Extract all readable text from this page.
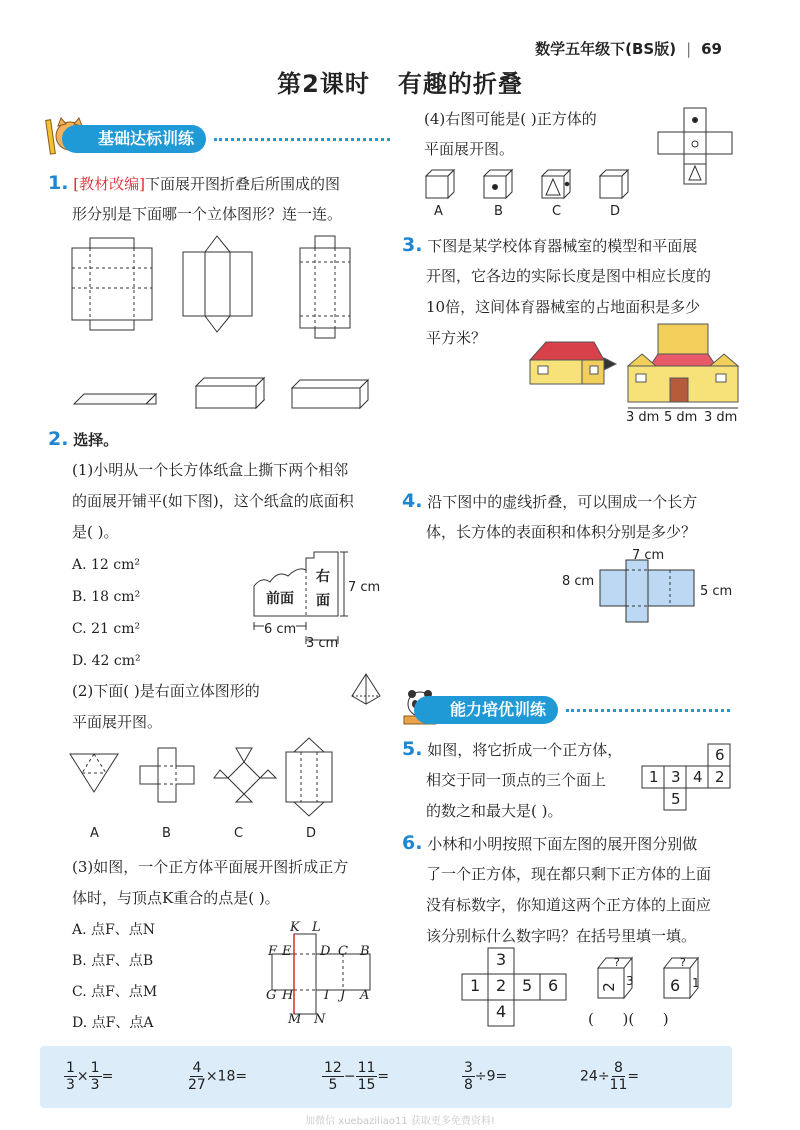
数学五年级下(BS版) | 69
第2课时 有趣的折叠
基础达标训练
1. [教材改编]下面展开图折叠后所围成的图
形分别是下面哪一个立体图形？连一连。
2. 选择。
(1)小明从一个长方体纸盒上撕下两个相邻
的面展开铺平(如下图)，这个纸盒的底面积
是( )。
A. 12 cm²
B. 18 cm²
C. 21 cm²
D. 42 cm²
前面
右
面
7 cm
6 cm
3 cm
(2)下面( )是右面立体图形的
平面展开图。
A	B	C	D
(3)如图，一个正方体平面展开图折成正方
体时，与顶点K重合的点是( )。
A. 点F、点N
B. 点F、点B
C. 点F、点M
D. 点F、点A
K L
F E D C B
G H I J A
M N
(4)右图可能是( )正方体的
平面展开图。
A	B	C	D
3. 下图是某学校体育器械室的模型和平面展
开图，它各边的实际长度是图中相应长度的
10倍，这间体育器械室的占地面积是多少
平方米？
3 dm 5 dm 3 dm
4. 沿下图中的虚线折叠，可以围成一个长方
体，长方体的表面积和体积分别是多少？
7 cm
8 cm
5 cm
能力培优训练
5. 如图，将它折成一个正方体，
相交于同一顶点的三个面上
的数之和最大是( )。
6
1 3 4 2
5
6. 小林和小明按照下面左图的展开图分别做
了一个正方体，现在都只剩下正方体的上面
没有标数字，你知道这两个正方体的上面应
该分别标什么数字吗？在括号里填一填。
3
1 2 5 6
4
?
2 3
?
6 1
(      )(      )
$\frac{1}{3} \times \frac{1}{3}$ =	$\frac{4}{27} \times 18=$	$\frac{12}{5} - \frac{11}{15}$ =	$\frac{3}{8} \div 9=$	$24\div \frac{8}{11}$ =
加微信 xuebaziliao11 获取更多免费资料!
